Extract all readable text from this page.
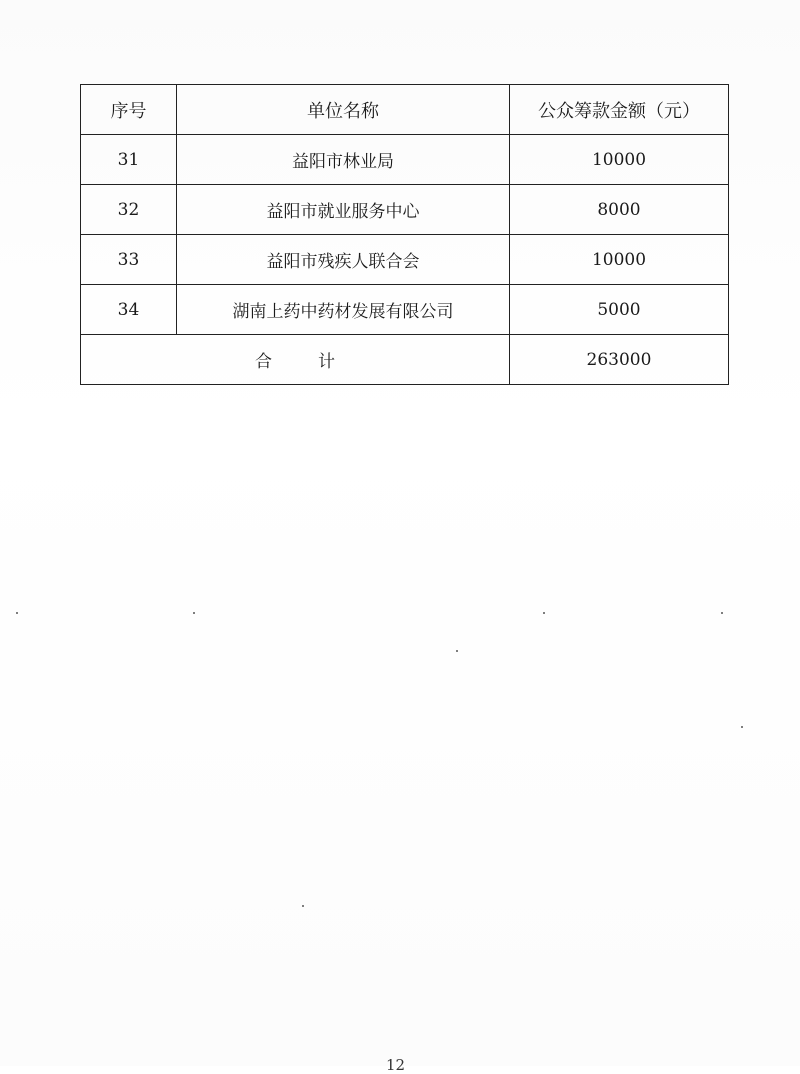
序号	单位名称	公众筹款金额（元）
31	益阳市林业局	10000
32	益阳市就业服务中心	8000
33	益阳市残疾人联合会	10000
34	湖南上药中药材发展有限公司	5000
合 计		263000
12
